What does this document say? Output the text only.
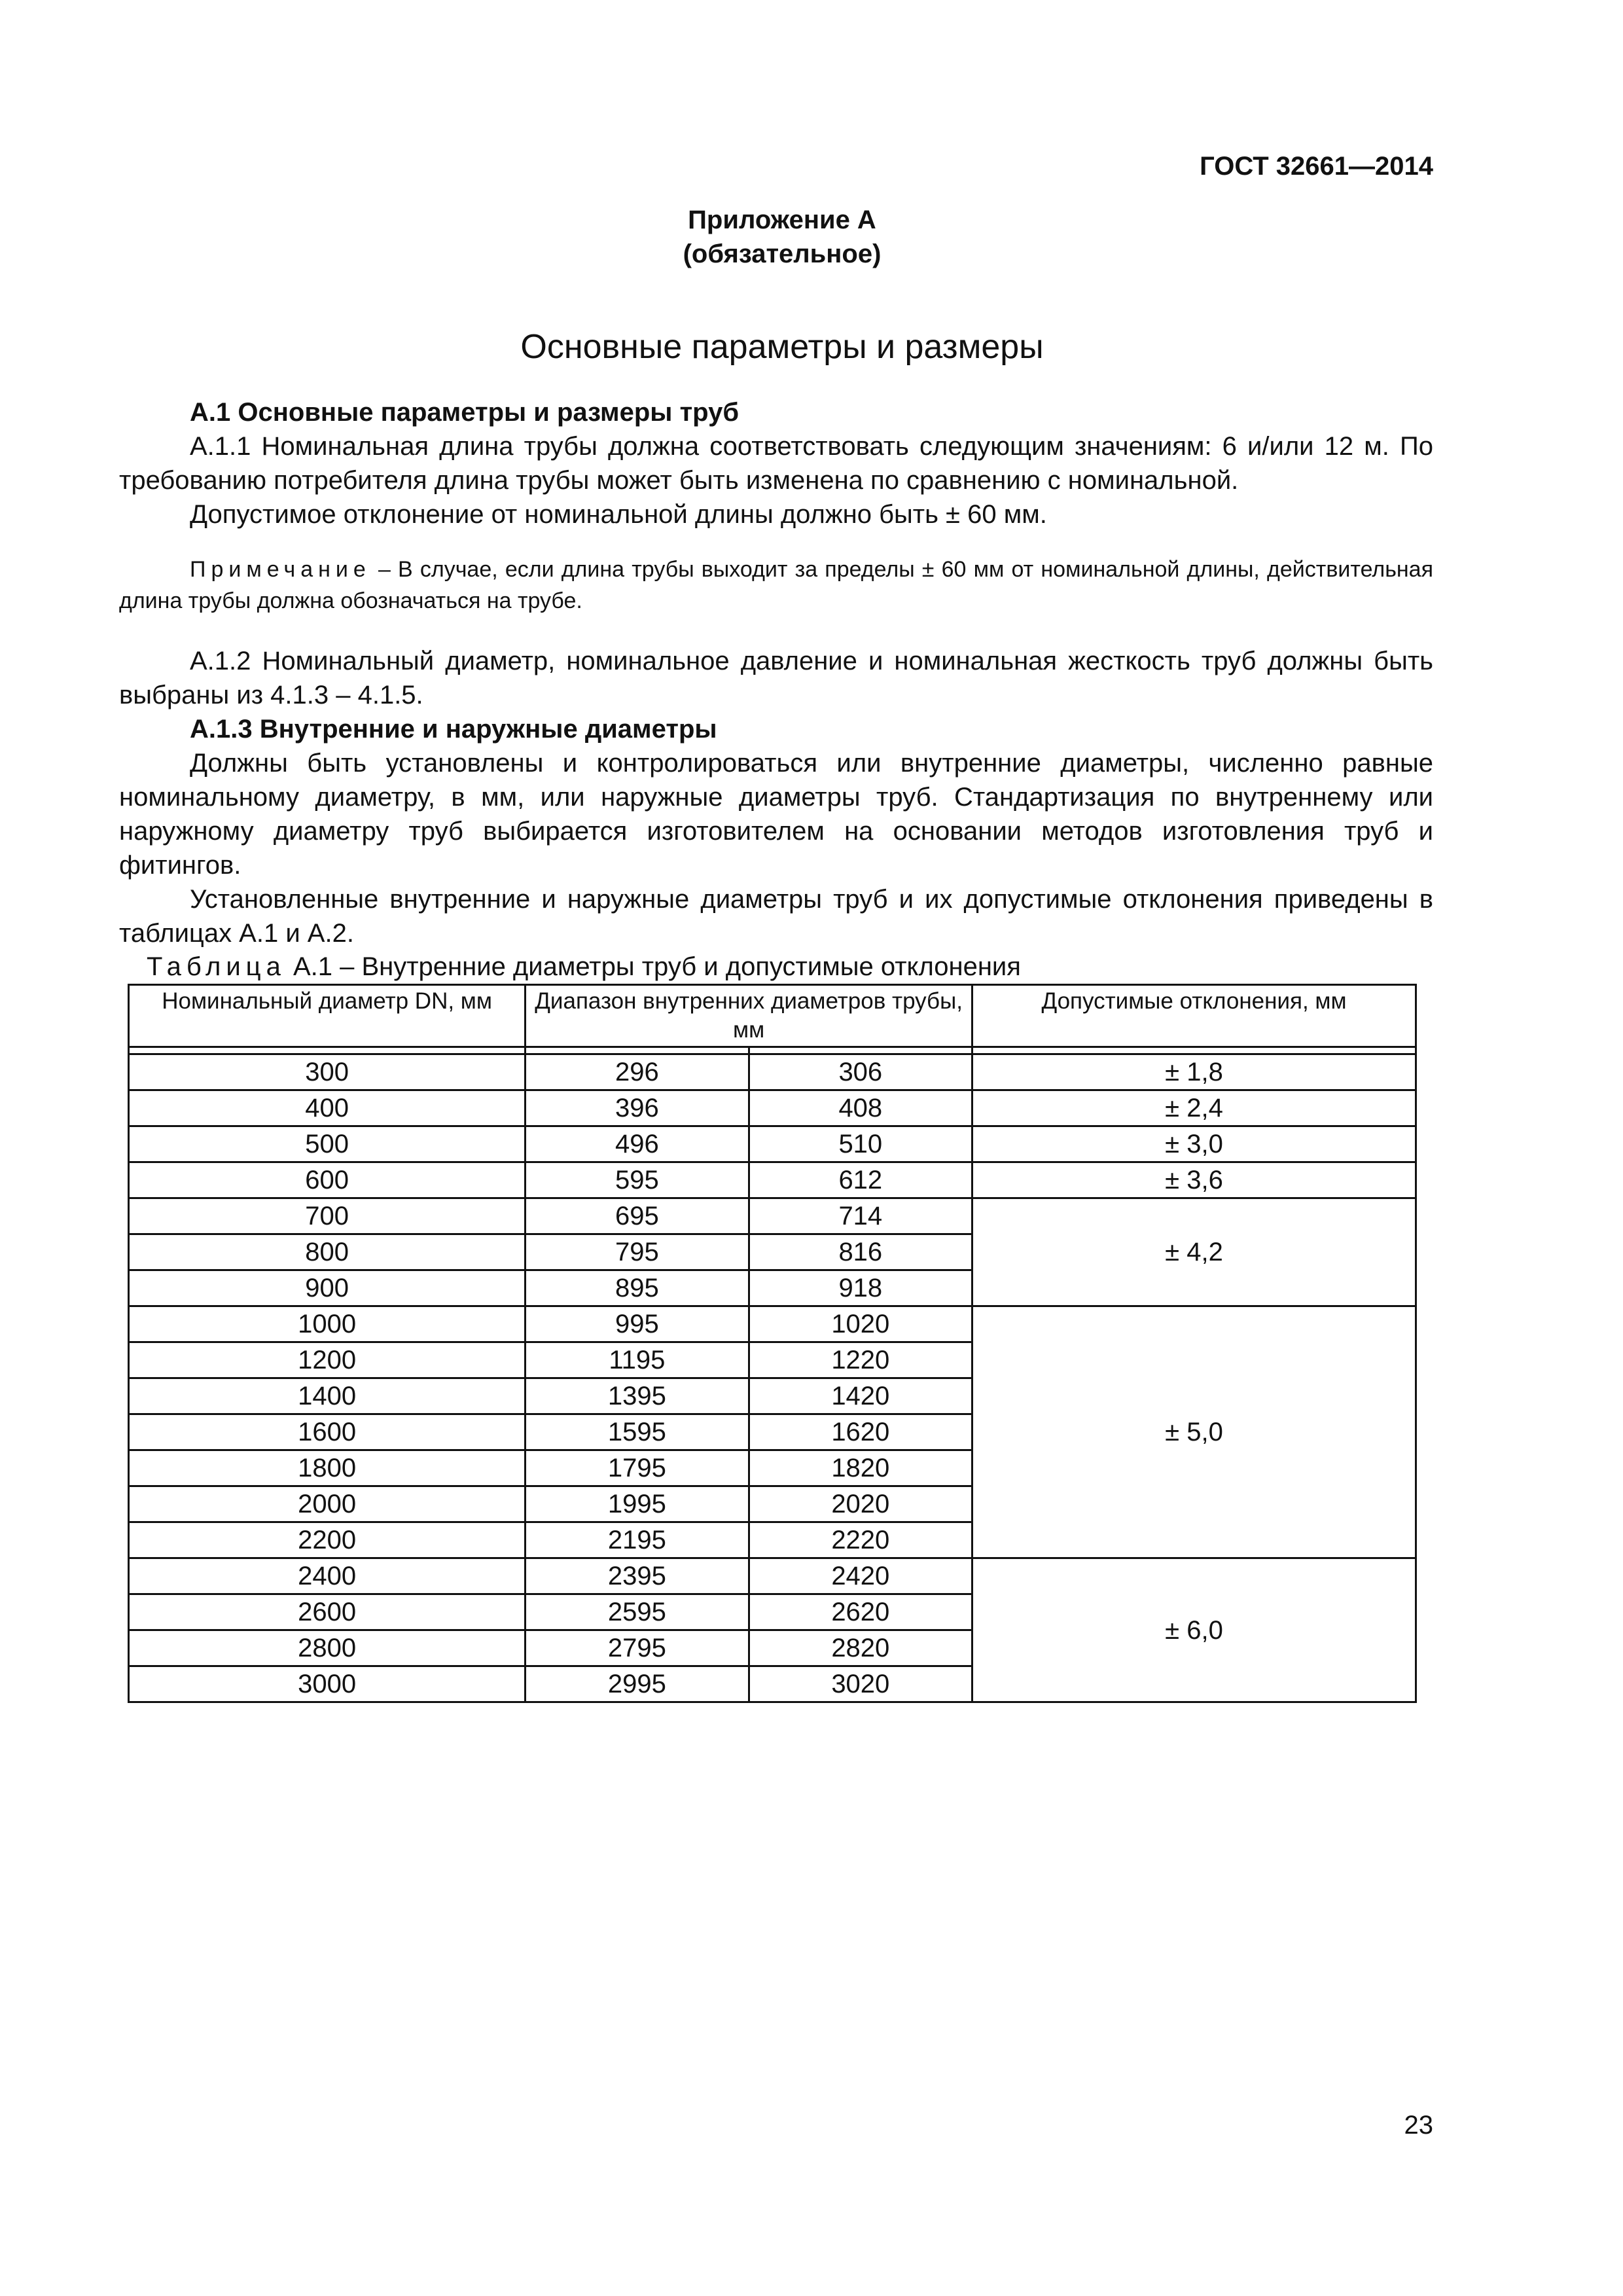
ГОСТ 32661—2014
Приложение А
(обязательное)
Основные параметры и размеры

А.1 Основные параметры и размеры труб

А.1.1 Номинальная длина трубы должна соответствовать следующим значениям: 6 и/или 12 м. По требованию потребителя длина трубы может быть изменена по сравнению с номинальной.

Допустимое отклонение от номинальной длины должно быть ± 60 мм.

Примечание – В случае, если длина трубы выходит за пределы ± 60 мм от номинальной длины, действительная длина трубы должна обозначаться на трубе.

А.1.2 Номинальный диаметр, номинальное давление и номинальная жесткость труб должны быть выбраны из 4.1.3 – 4.1.5.

А.1.3 Внутренние и наружные диаметры

Должны быть установлены и контролироваться или внутренние диаметры, численно равные номинальному диаметру, в мм, или наружные диаметры труб. Стандартизация по внутреннему или наружному диаметру труб выбирается изготовителем на основании методов изготовления труб и фитингов.

Установленные внутренние и наружные диаметры труб и их допустимые отклонения приведены в таблицах А.1 и А.2.

Таблица А.1 – Внутренние диаметры труб и допустимые отклонения
Номинальный диаметр DN, мм	Диапазон внутренних диаметров трубы, мм		Допустимые отклонения, мм

300	296	306	± 1,8
400	396	408	± 2,4
500	496	510	± 3,0
600	595	612	± 3,6
700	695	714	± 4,2
800	795	816	
900	895	918	
1000	995	1020	± 5,0
1200	1195	1220	
1400	1395	1420	
1600	1595	1620	
1800	1795	1820	
2000	1995	2020	
2200	2195	2220	
2400	2395	2420	± 6,0
2600	2595	2620	
2800	2795	2820	
3000	2995	3020	
23
